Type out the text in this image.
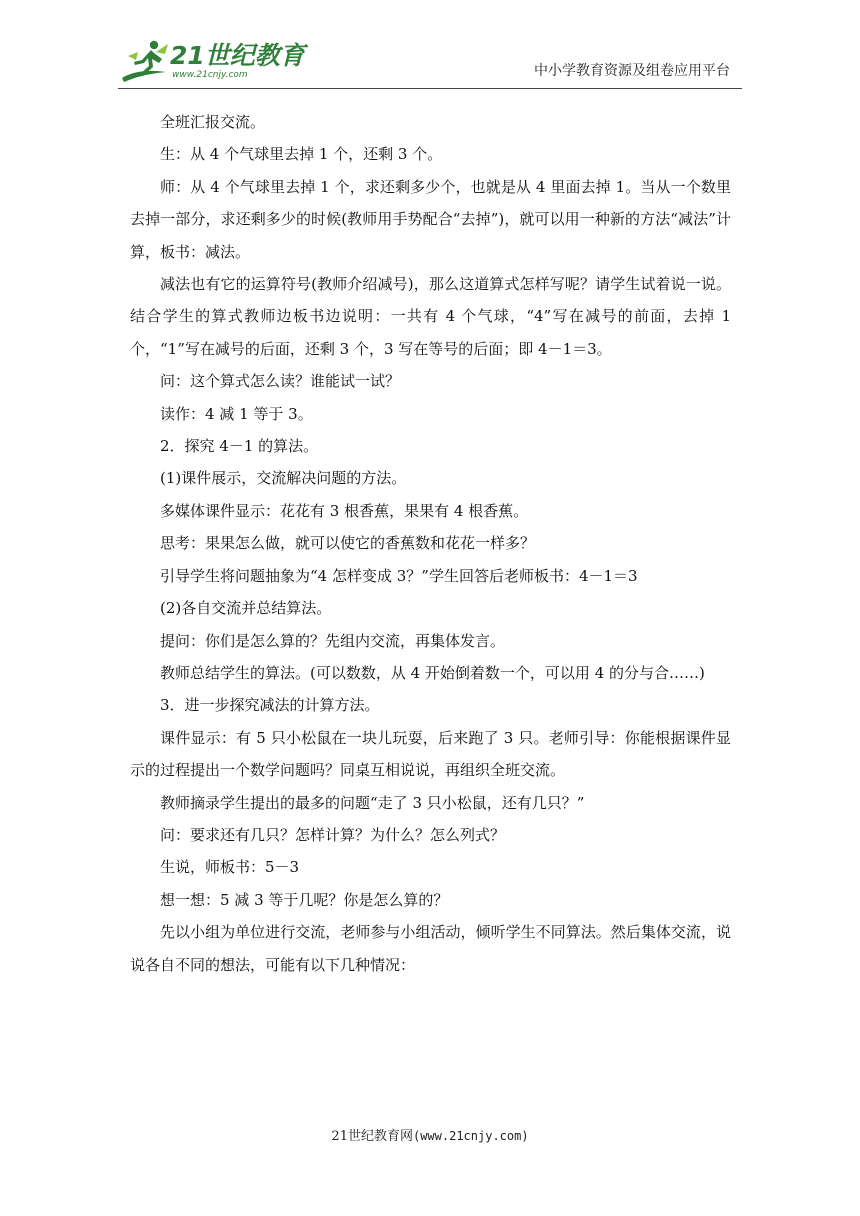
21世纪教育
www.21cnjy.com	中小学教育资源及组卷应用平台

全班汇报交流。

生：从 4 个气球里去掉 1 个，还剩 3 个。

师：从 4 个气球里去掉 1 个，求还剩多少个，也就是从 4 里面去掉 1。当从一个数里去掉一部分，求还剩多少的时候(教师用手势配合“去掉”)，就可以用一种新的方法“减法”计算，板书：减法。

减法也有它的运算符号(教师介绍减号)，那么这道算式怎样写呢？请学生试着说一说。结合学生的算式教师边板书边说明：一共有 4 个气球，“4”写在减号的前面，去掉 1 个，“1”写在减号的后面，还剩 3 个，3 写在等号的后面；即 4－1＝3。

问：这个算式怎么读？谁能试一试？

读作：4 减 1 等于 3。

2．探究 4－1 的算法。

(1)课件展示，交流解决问题的方法。

多媒体课件显示：花花有 3 根香蕉，果果有 4 根香蕉。

思考：果果怎么做，就可以使它的香蕉数和花花一样多？

引导学生将问题抽象为“4 怎样变成 3？”学生回答后老师板书：4－1＝3

(2)各自交流并总结算法。

提问：你们是怎么算的？先组内交流，再集体发言。

教师总结学生的算法。(可以数数，从 4 开始倒着数一个，可以用 4 的分与合……)

3．进一步探究减法的计算方法。

课件显示：有 5 只小松鼠在一块儿玩耍，后来跑了 3 只。老师引导：你能根据课件显示的过程提出一个数学问题吗？同桌互相说说，再组织全班交流。

教师摘录学生提出的最多的问题“走了 3 只小松鼠，还有几只？”

问：要求还有几只？怎样计算？为什么？怎么列式？

生说，师板书：5－3

想一想：5 减 3 等于几呢？你是怎么算的？

先以小组为单位进行交流，老师参与小组活动，倾听学生不同算法。然后集体交流，说说各自不同的想法，可能有以下几种情况：

21世纪教育网(www.21cnjy.com)
